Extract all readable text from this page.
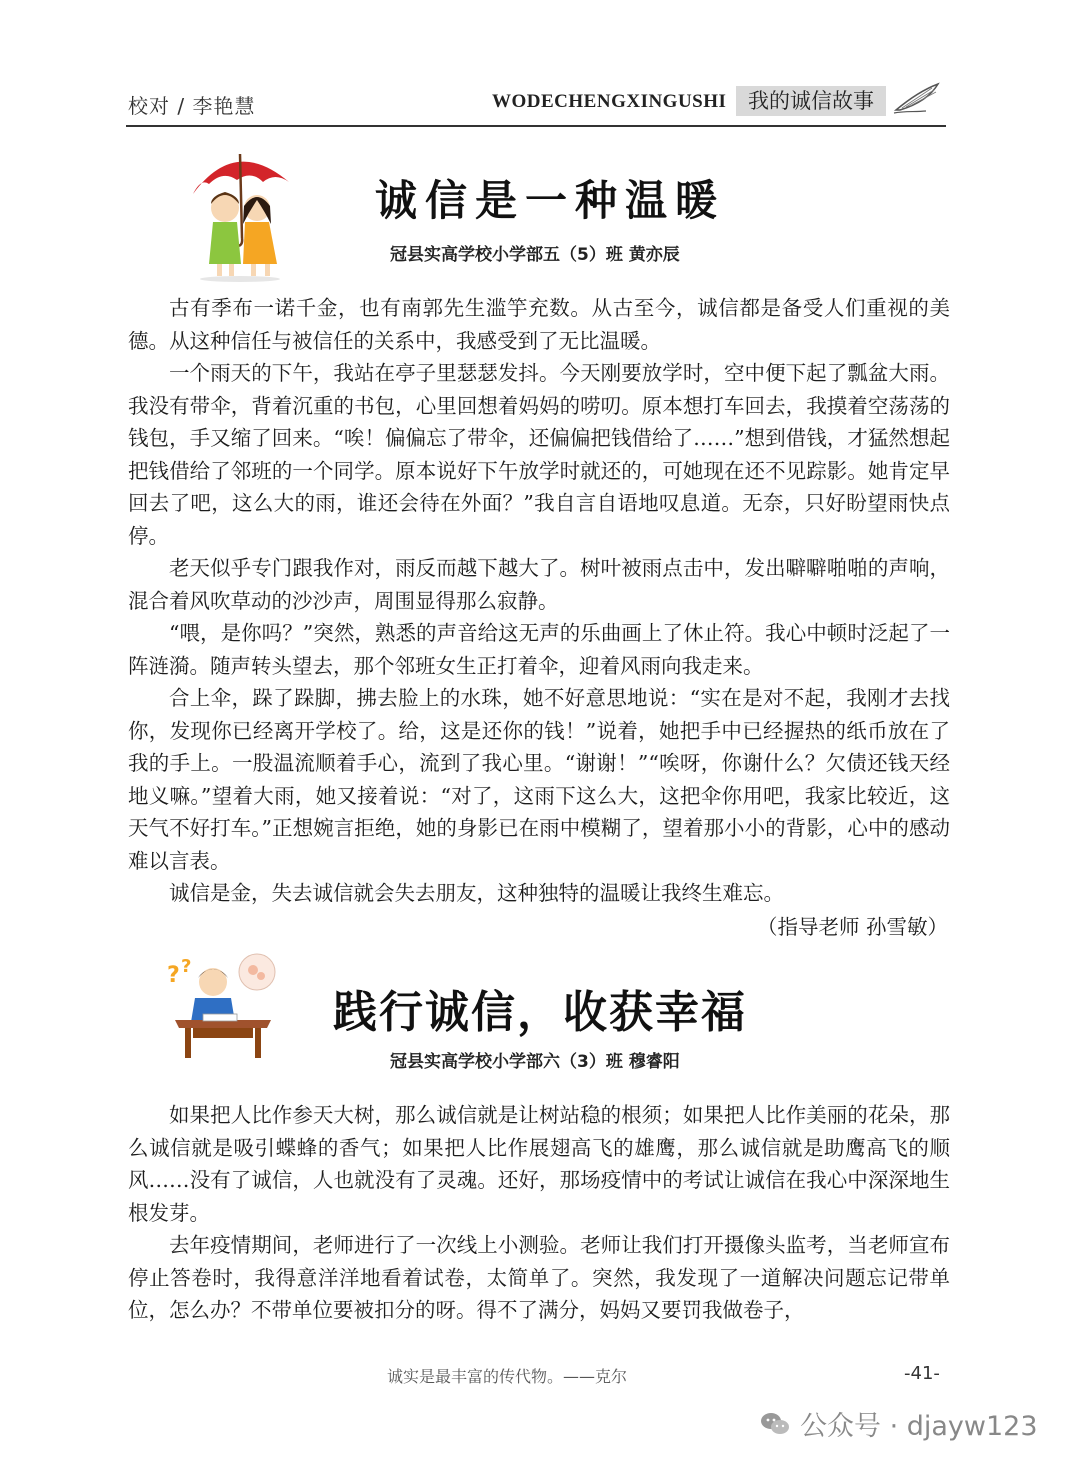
校对 / 李艳慧	WODECHENGXINGUSHI	我的诚信故事
诚信是一种温暖
冠县实高学校小学部五（5）班 黄亦辰

古有季布一诺千金，也有南郭先生滥竽充数。从古至今，诚信都是备受人们重视的美德。从这种信任与被信任的关系中，我感受到了无比温暖。

一个雨天的下午，我站在亭子里瑟瑟发抖。今天刚要放学时，空中便下起了瓢盆大雨。我没有带伞，背着沉重的书包，心里回想着妈妈的唠叨。原本想打车回去，我摸着空荡荡的钱包，手又缩了回来。“唉！偏偏忘了带伞，还偏偏把钱借给了……”想到借钱，才猛然想起把钱借给了邻班的一个同学。原本说好下午放学时就还的，可她现在还不见踪影。她肯定早回去了吧，这么大的雨，谁还会待在外面？”我自言自语地叹息道。无奈，只好盼望雨快点停。

老天似乎专门跟我作对，雨反而越下越大了。树叶被雨点击中，发出噼噼啪啪的声响，混合着风吹草动的沙沙声，周围显得那么寂静。

“喂，是你吗？”突然，熟悉的声音给这无声的乐曲画上了休止符。我心中顿时泛起了一阵涟漪。随声转头望去，那个邻班女生正打着伞，迎着风雨向我走来。

合上伞，跺了跺脚，拂去脸上的水珠，她不好意思地说：“实在是对不起，我刚才去找你，发现你已经离开学校了。给，这是还你的钱！”说着，她把手中已经握热的纸币放在了我的手上。一股温流顺着手心，流到了我心里。“谢谢！”“唉呀，你谢什么？欠债还钱天经地义嘛。”望着大雨，她又接着说：“对了，这雨下这么大，这把伞你用吧，我家比较近，这天气不好打车。”正想婉言拒绝，她的身影已在雨中模糊了，望着那小小的背影，心中的感动难以言表。

诚信是金，失去诚信就会失去朋友，这种独特的温暖让我终生难忘。

（指导老师 孙雪敏）
? ?
践行诚信，收获幸福
冠县实高学校小学部六（3）班 穆睿阳

如果把人比作参天大树，那么诚信就是让树站稳的根须；如果把人比作美丽的花朵，那么诚信就是吸引蝶蜂的香气；如果把人比作展翅高飞的雄鹰，那么诚信就是助鹰高飞的顺风……没有了诚信，人也就没有了灵魂。还好，那场疫情中的考试让诚信在我心中深深地生根发芽。

去年疫情期间，老师进行了一次线上小测验。老师让我们打开摄像头监考，当老师宣布停止答卷时，我得意洋洋地看着试卷，太简单了。突然，我发现了一道解决问题忘记带单位，怎么办？不带单位要被扣分的呀。得不了满分，妈妈又要罚我做卷子，

诚实是最丰富的传代物。——克尔	-41-
公众号 · djayw123
